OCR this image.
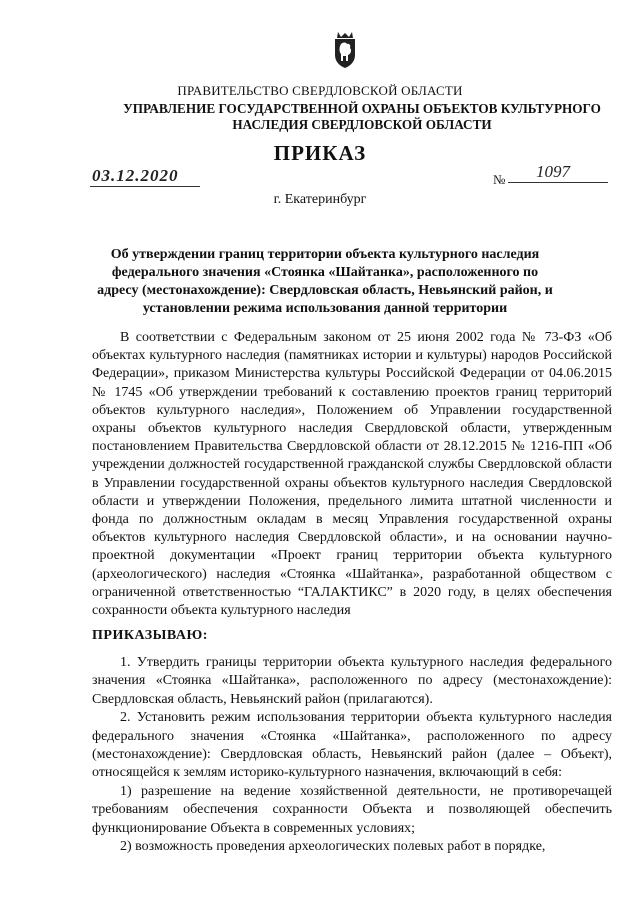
ПРАВИТЕЛЬСТВО СВЕРДЛОВСКОЙ ОБЛАСТИ
УПРАВЛЕНИЕ ГОСУДАРСТВЕННОЙ ОХРАНЫ ОБЪЕКТОВ КУЛЬТУРНОГО НАСЛЕДИЯ СВЕРДЛОВСКОЙ ОБЛАСТИ
ПРИКАЗ
03.12.2020	№	1097
г. Екатеринбург
Об утверждении границ территории объекта культурного наследия федерального значения «Стоянка «Шайтанка», расположенного по адресу (местонахождение): Свердловская область, Невьянский район, и установлении режима использования данной территории

В соответствии с Федеральным законом от 25 июня 2002 года № 73-ФЗ «Об объектах культурного наследия (памятниках истории и культуры) народов Российской Федерации», приказом Министерства культуры Российской Федерации от 04.06.2015 № 1745 «Об утверждении требований к составлению проектов границ территорий объектов культурного наследия», Положением об Управлении государственной охраны объектов культурного наследия Свердловской области, утвержденным постановлением Правительства Свердловской области от 28.12.2015 № 1216-ПП «Об учреждении должностей государственной гражданской службы Свердловской области в Управлении государственной охраны объектов культурного наследия Свердловской области и утверждении Положения, предельного лимита штатной численности и фонда по должностным окладам в месяц Управления государственной охраны объектов культурного наследия Свердловской области», и на основании научно-проектной документации «Проект границ территории объекта культурного (археологического) наследия «Стоянка «Шайтанка», разработанной обществом с ограниченной ответственностью “ГАЛАКТИКС” в 2020 году, в целях обеспечения сохранности объекта культурного наследия

ПРИКАЗЫВАЮ:

1. Утвердить границы территории объекта культурного наследия федерального значения «Стоянка «Шайтанка», расположенного по адресу (местонахождение): Свердловская область, Невьянский район (прилагаются).

2. Установить режим использования территории объекта культурного наследия федерального значения «Стоянка «Шайтанка», расположенного по адресу (местонахождение): Свердловская область, Невьянский район (далее – Объект), относящейся к землям историко-культурного назначения, включающий в себя:

1) разрешение на ведение хозяйственной деятельности, не противоречащей требованиям обеспечения сохранности Объекта и позволяющей обеспечить функционирование Объекта в современных условиях;

2) возможность проведения археологических полевых работ в порядке,
